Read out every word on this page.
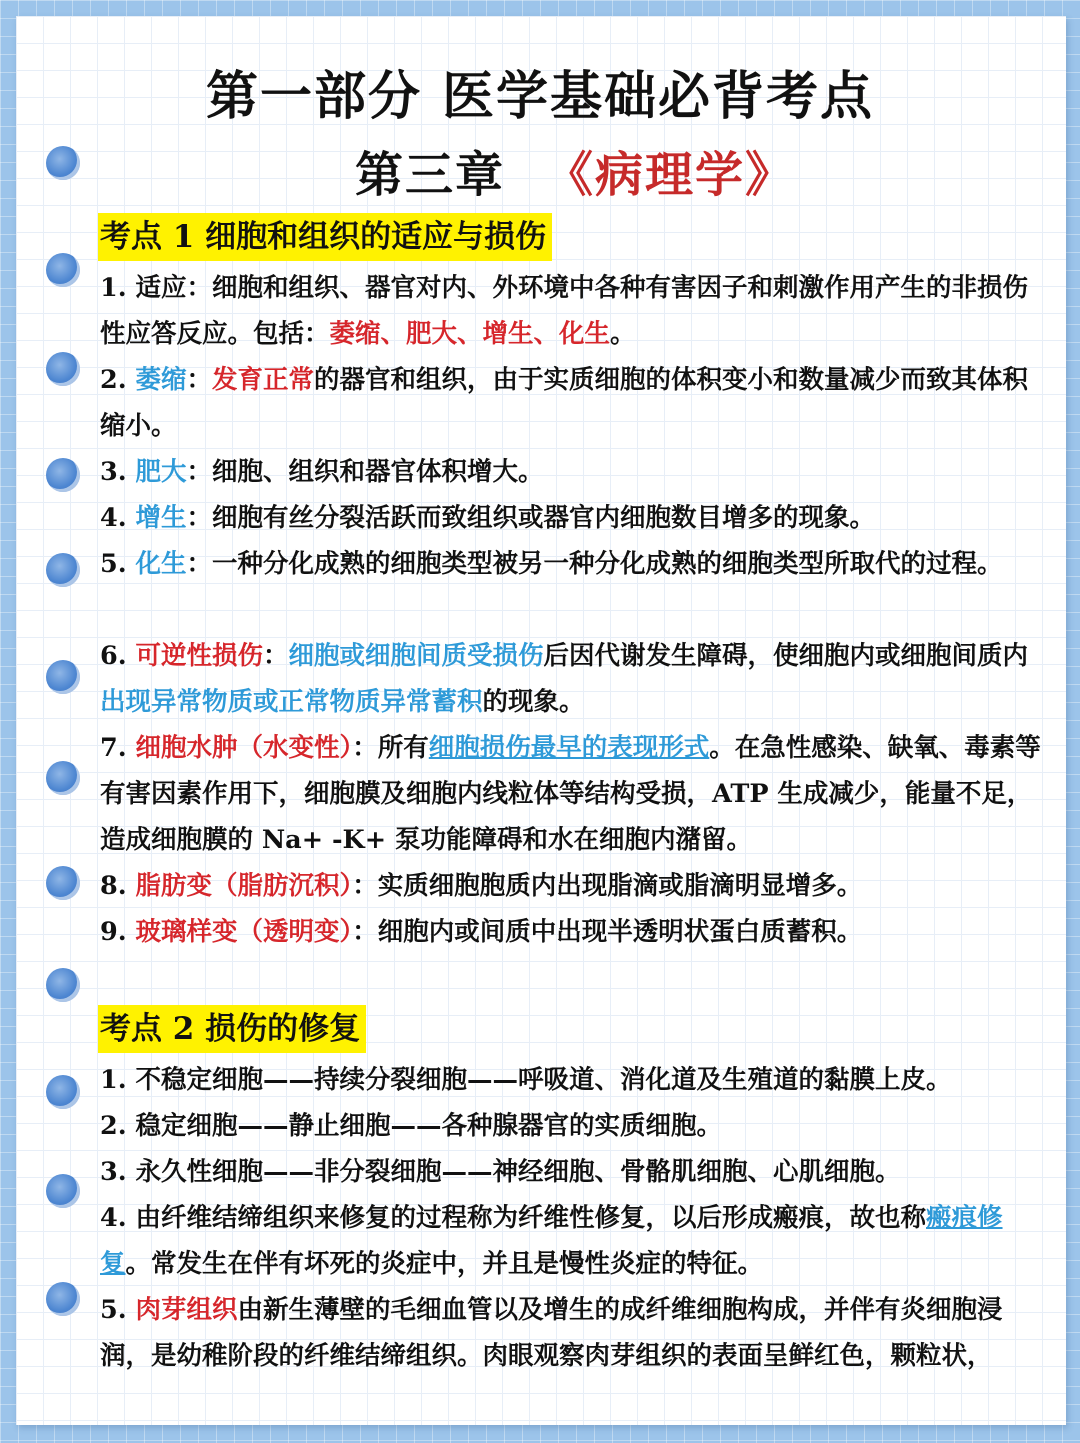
第一部分 医学基础必背考点
第三章 《病理学》
考点 1 细胞和组织的适应与损伤
1. 适应：细胞和组织、器官对内、外环境中各种有害因子和刺激作用产生的非损伤性应答反应。包括：萎缩、肥大、增生、化生。
2. 萎缩：发育正常的器官和组织，由于实质细胞的体积变小和数量减少而致其体积缩小。
3. 肥大：细胞、组织和器官体积增大。
4. 增生：细胞有丝分裂活跃而致组织或器官内细胞数目增多的现象。
5. 化生：一种分化成熟的细胞类型被另一种分化成熟的细胞类型所取代的过程。
6. 可逆性损伤：细胞或细胞间质受损伤后因代谢发生障碍，使细胞内或细胞间质内出现异常物质或正常物质异常蓄积的现象。
7. 细胞水肿（水变性）：所有细胞损伤最早的表现形式。在急性感染、缺氧、毒素等有害因素作用下，细胞膜及细胞内线粒体等结构受损，ATP 生成减少，能量不足，造成细胞膜的 Na+ -K+ 泵功能障碍和水在细胞内潴留。
8. 脂肪变（脂肪沉积）：实质细胞胞质内出现脂滴或脂滴明显增多。
9. 玻璃样变（透明变）：细胞内或间质中出现半透明状蛋白质蓄积。
考点 2 损伤的修复
1. 不稳定细胞——持续分裂细胞——呼吸道、消化道及生殖道的黏膜上皮。
2. 稳定细胞——静止细胞——各种腺器官的实质细胞。
3. 永久性细胞——非分裂细胞——神经细胞、骨骼肌细胞、心肌细胞。
4. 由纤维结缔组织来修复的过程称为纤维性修复，以后形成瘢痕，故也称瘢痕修复。常发生在伴有坏死的炎症中，并且是慢性炎症的特征。
5. 肉芽组织由新生薄壁的毛细血管以及增生的成纤维细胞构成，并伴有炎细胞浸润，是幼稚阶段的纤维结缔组织。肉眼观察肉芽组织的表面呈鲜红色，颗粒状，
